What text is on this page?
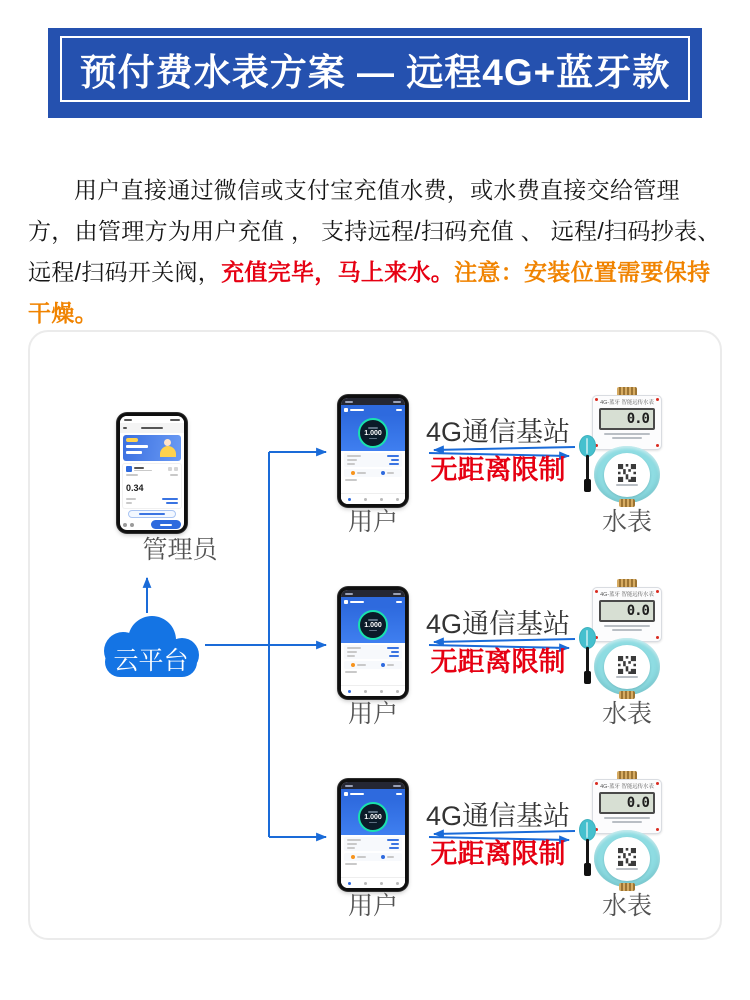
预付费水表方案 — 远程4G+蓝牙款

用户直接通过微信或支付宝充值水费，或水费直接交给管理方，由管理方为用户充值 ， 支持远程/扫码充值 、 远程/扫码抄表、 远程/扫码开关阀，充值完毕，马上来水。注意：安装位置需要保持干燥。

0.34
管理员
云平台
1.000	4G通信基站
无距离限制
用户
4G-蓝牙 智能远传水表
0.0
水表
1.000	4G通信基站
无距离限制
用户
4G-蓝牙 智能远传水表
0.0
水表
1.000	4G通信基站
无距离限制
用户
4G-蓝牙 智能远传水表
0.0
水表
